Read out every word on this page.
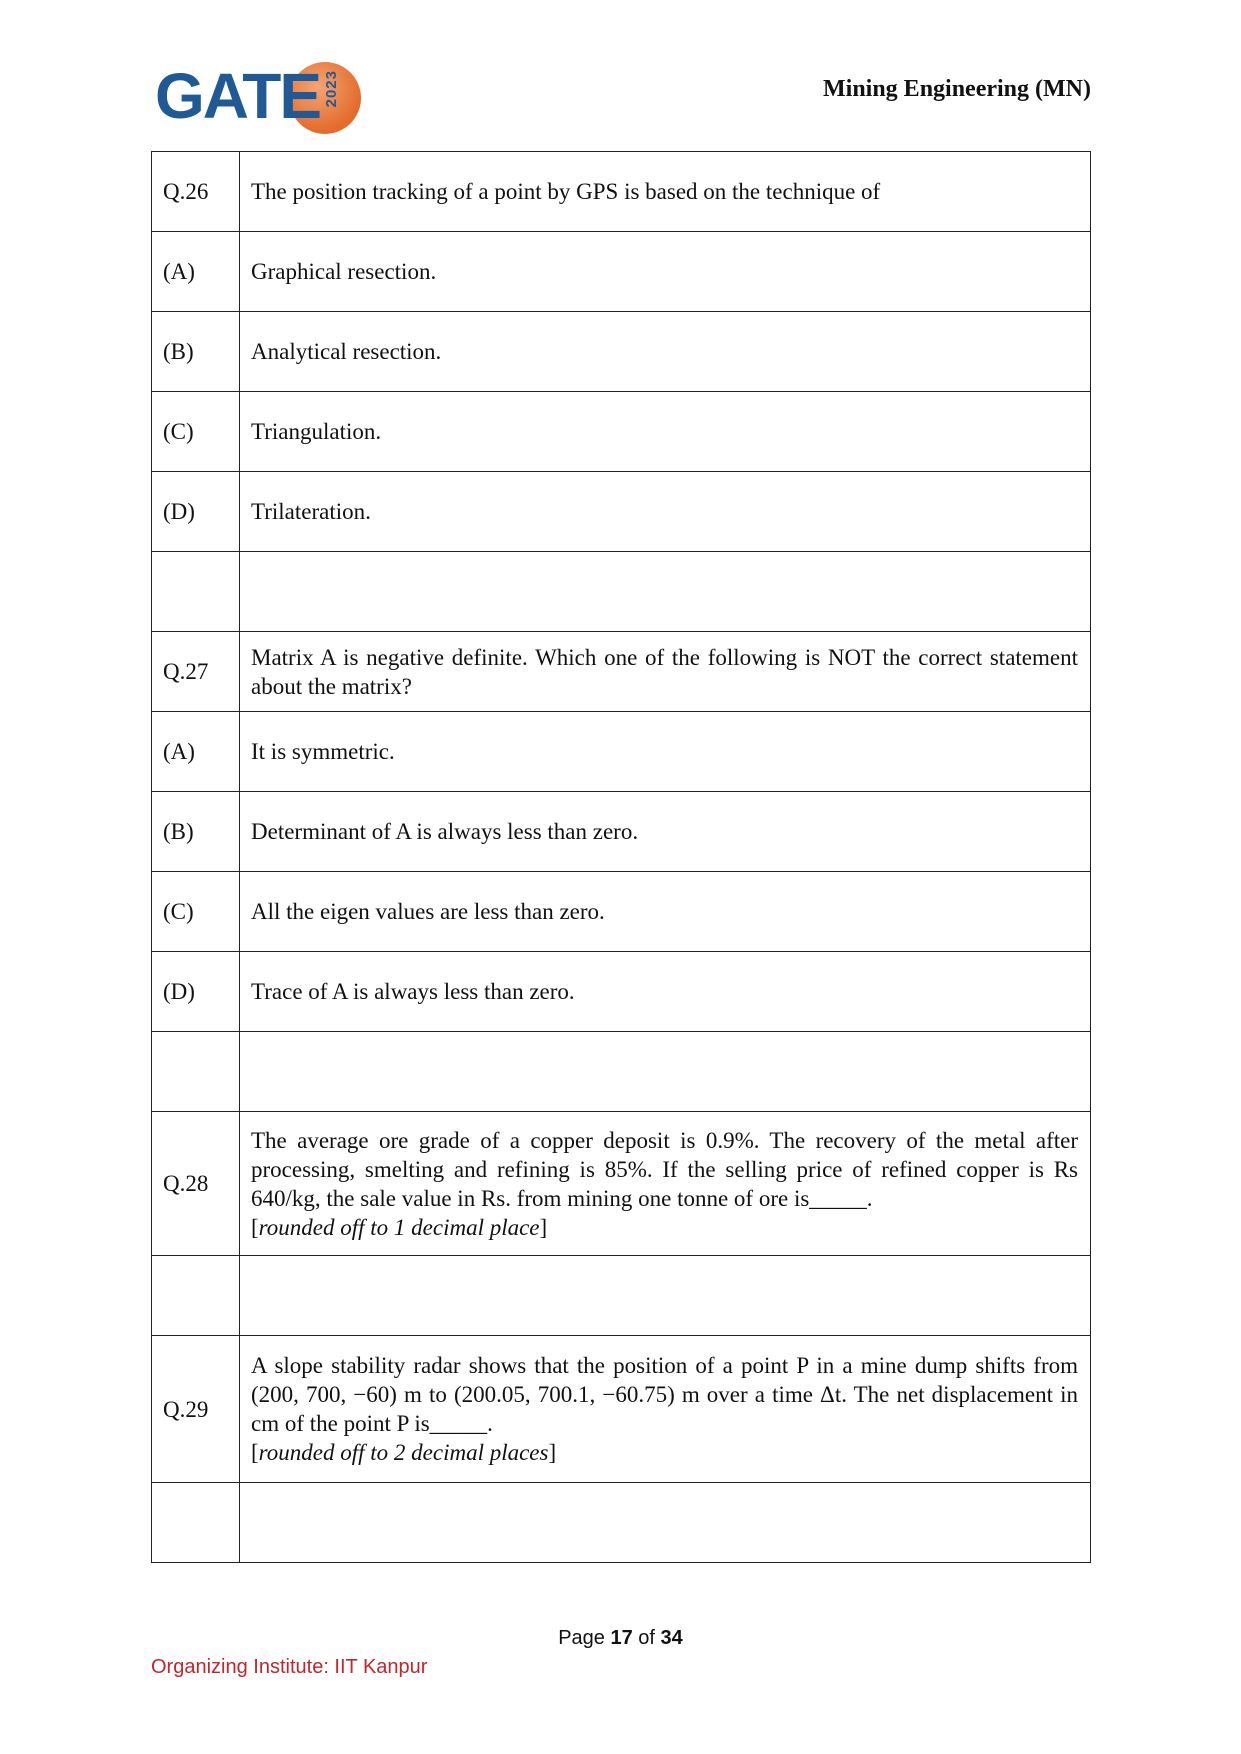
GATE 2023	Mining Engineering (MN)
Q.26	The position tracking of a point by GPS is based on the technique of
(A)	Graphical resection.
(B)	Analytical resection.
(C)	Triangulation.
(D)	Trilateration.

Q.27	Matrix A is negative definite. Which one of the following is NOT the correct statement about the matrix?
(A)	It is symmetric.
(B)	Determinant of A is always less than zero.
(C)	All the eigen values are less than zero.
(D)	Trace of A is always less than zero.

Q.28	The average ore grade of a copper deposit is 0.9%. The recovery of the metal after processing, smelting and refining is 85%. If the selling price of refined copper is Rs 640/kg, the sale value in Rs. from mining one tonne of ore is_____.
[rounded off to 1 decimal place]

Q.29	A slope stability radar shows that the position of a point P in a mine dump shifts from (200, 700, −60) m to (200.05, 700.1, −60.75) m over a time Δt. The net displacement in cm of the point P is_____.
[rounded off to 2 decimal places]

Page 17 of 34
Organizing Institute: IIT Kanpur
